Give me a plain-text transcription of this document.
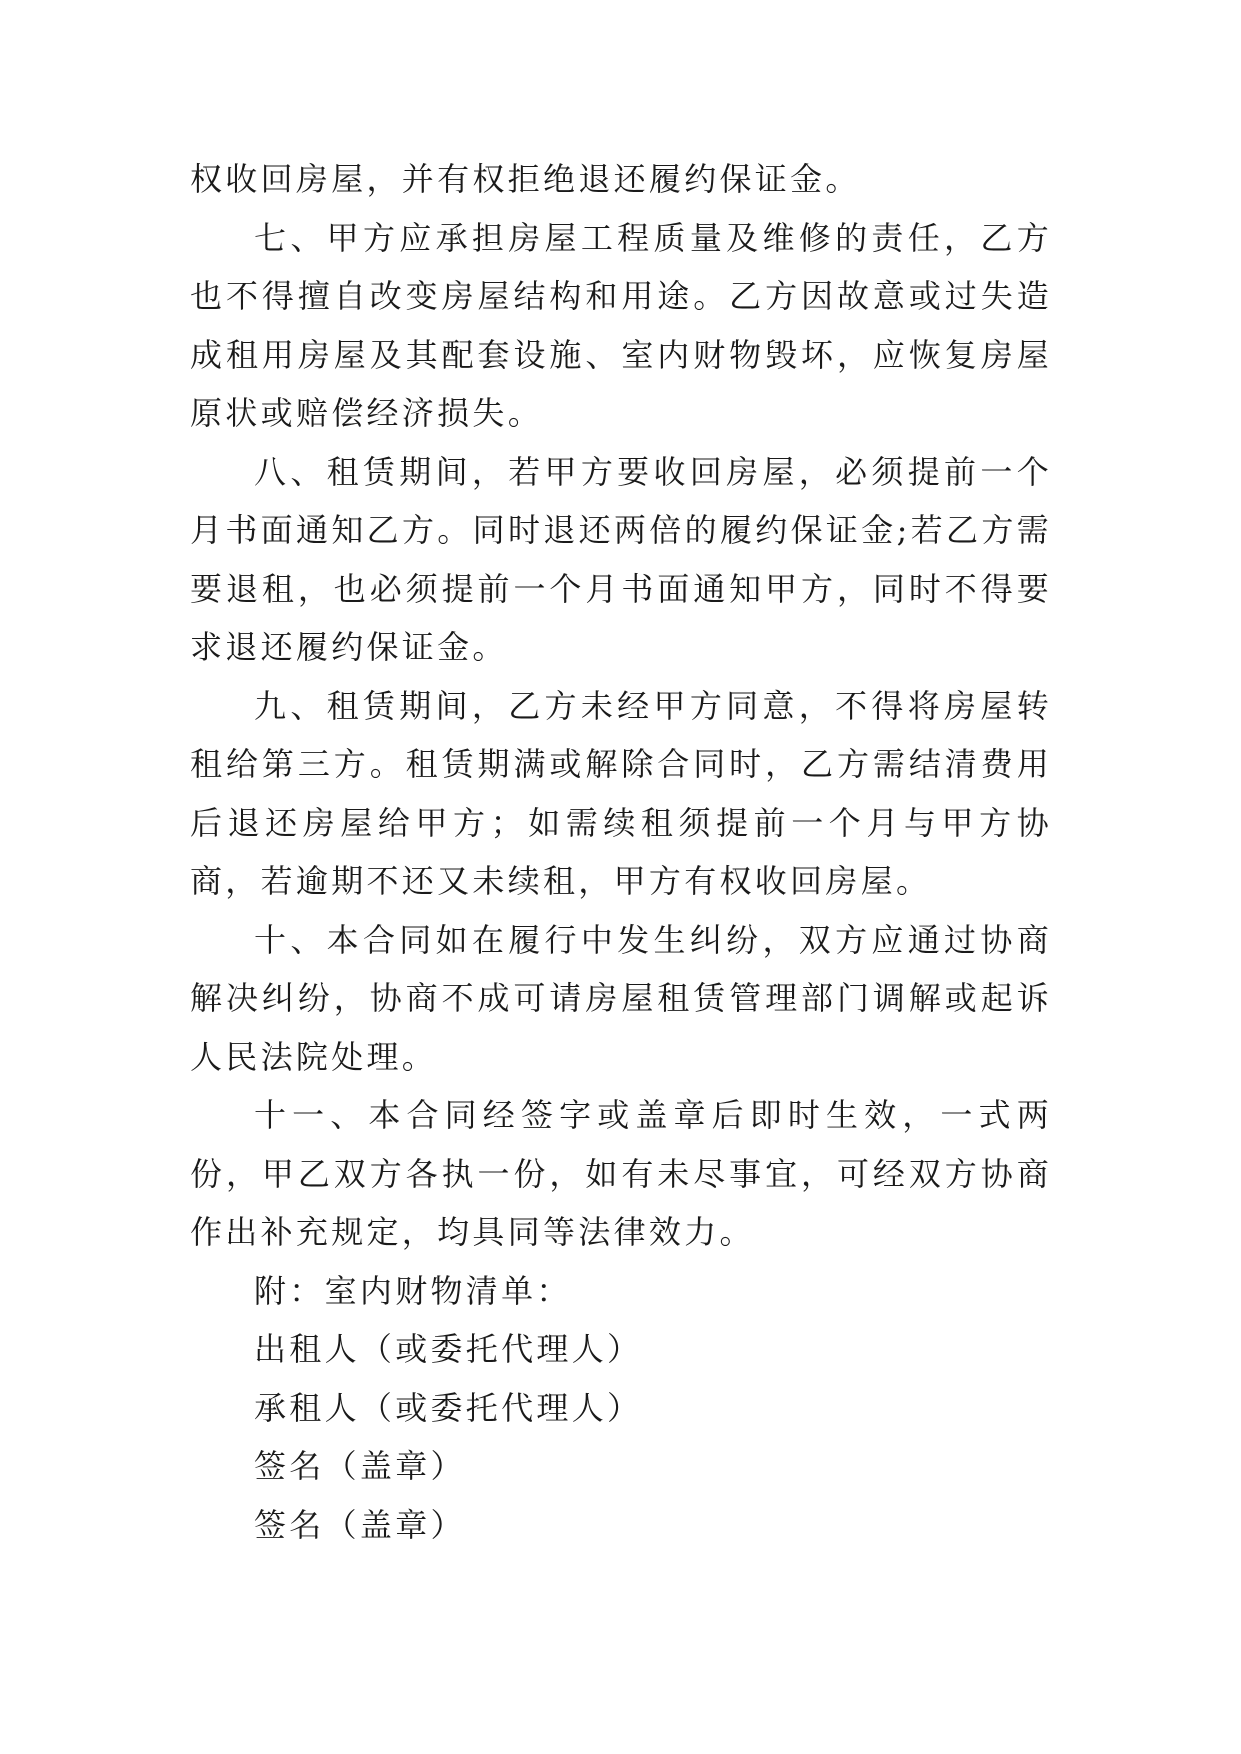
权收回房屋，并有权拒绝退还履约保证金。

七、甲方应承担房屋工程质量及维修的责任，乙方也不得擅自改变房屋结构和用途。乙方因故意或过失造成租用房屋及其配套设施、室内财物毁坏，应恢复房屋原状或赔偿经济损失。

八、租赁期间，若甲方要收回房屋，必须提前一个月书面通知乙方。同时退还两倍的履约保证金;若乙方需要退租，也必须提前一个月书面通知甲方，同时不得要求退还履约保证金。

九、租赁期间，乙方未经甲方同意，不得将房屋转租给第三方。租赁期满或解除合同时，乙方需结清费用后退还房屋给甲方；如需续租须提前一个月与甲方协商，若逾期不还又未续租，甲方有权收回房屋。

十、本合同如在履行中发生纠纷，双方应通过协商解决纠纷，协商不成可请房屋租赁管理部门调解或起诉人民法院处理。

十一、本合同经签字或盖章后即时生效，一式两份，甲乙双方各执一份，如有未尽事宜，可经双方协商作出补充规定，均具同等法律效力。

附：室内财物清单：

出租人（或委托代理人）

承租人（或委托代理人）

签名（盖章）

签名（盖章）
